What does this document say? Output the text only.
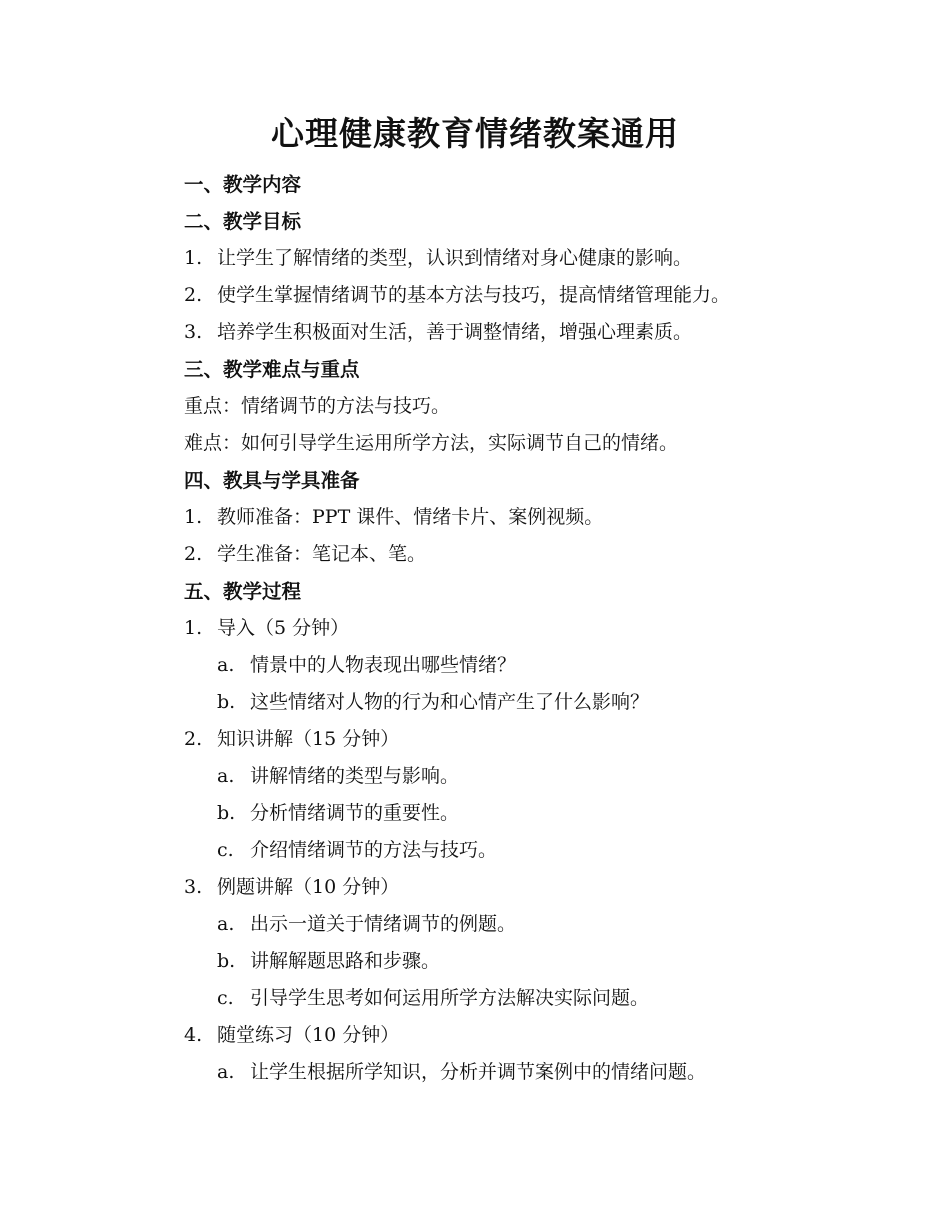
心理健康教育情绪教案通用
一、教学内容
二、教学目标
1. 让学生了解情绪的类型，认识到情绪对身心健康的影响。
2. 使学生掌握情绪调节的基本方法与技巧，提高情绪管理能力。
3. 培养学生积极面对生活，善于调整情绪，增强心理素质。
三、教学难点与重点
重点：情绪调节的方法与技巧。
难点：如何引导学生运用所学方法，实际调节自己的情绪。
四、教具与学具准备
1. 教师准备：PPT 课件、情绪卡片、案例视频。
2. 学生准备：笔记本、笔。
五、教学过程
1. 导入（5 分钟）
a. 情景中的人物表现出哪些情绪？
b. 这些情绪对人物的行为和心情产生了什么影响？
2. 知识讲解（15 分钟）
a. 讲解情绪的类型与影响。
b. 分析情绪调节的重要性。
c. 介绍情绪调节的方法与技巧。
3. 例题讲解（10 分钟）
a. 出示一道关于情绪调节的例题。
b. 讲解解题思路和步骤。
c. 引导学生思考如何运用所学方法解决实际问题。
4. 随堂练习（10 分钟）
a. 让学生根据所学知识，分析并调节案例中的情绪问题。
